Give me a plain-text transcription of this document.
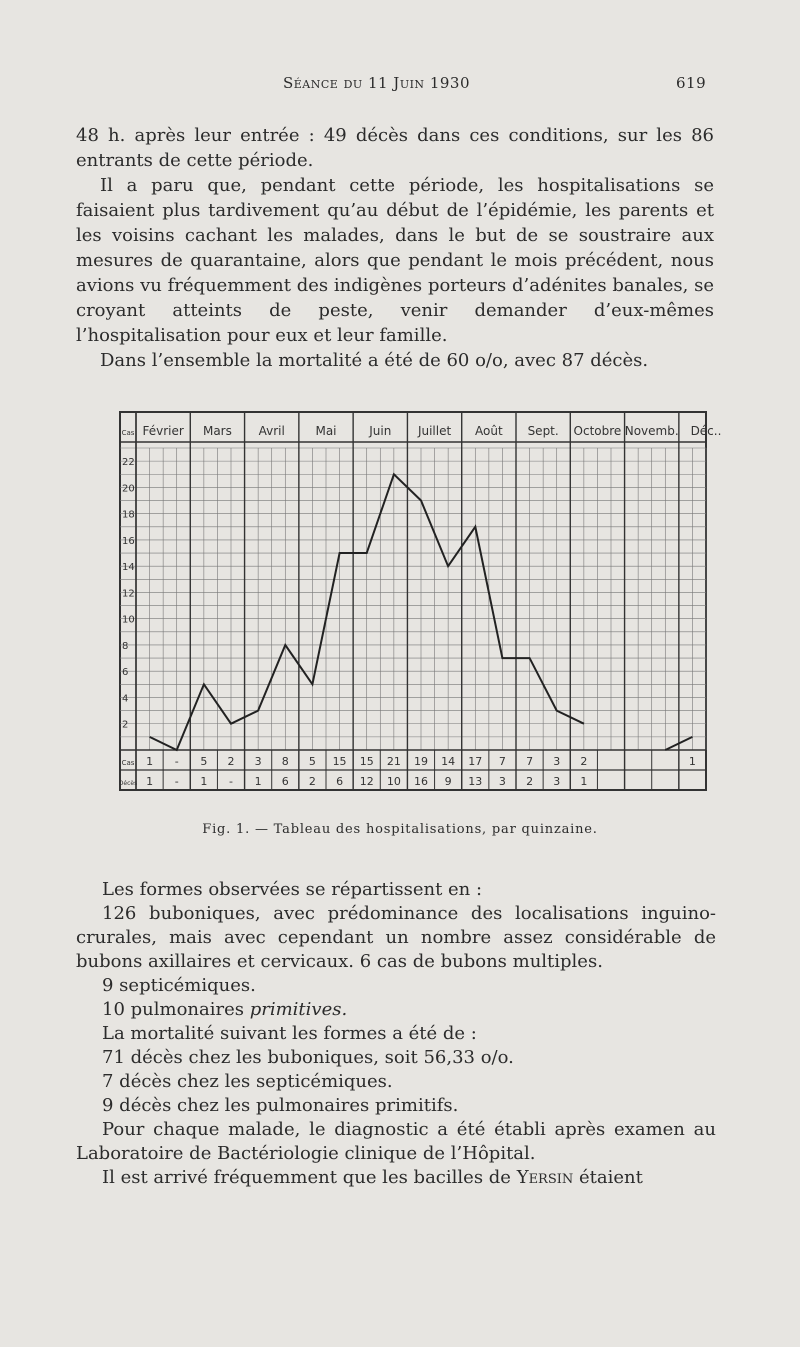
Séance du 11 Juin 1930	619

48 h. après leur entrée : 49 décès dans ces conditions, sur les 86 entrants de cette période.

Il a paru que, pendant cette période, les hospitalisations se faisaient plus tardivement qu’au début de l’épidémie, les parents et les voisins cachant les malades, dans le but de se soustraire aux mesures de quarantaine, alors que pendant le mois précédent, nous avions vu fréquemment des indigènes porteurs d’adénites banales, se croyant atteints de peste, venir demander d’eux-mêmes l’hospitalisation pour eux et leur famille.

Dans l’ensemble la mortalité a été de 60 o/o, avec 87 décès.

Février Mars Avril	Mai	Juin Juillet Août Sept. Octobre Novemb. Déc..
Cas
22
20
18
16
14
12
10
8
6
4
2
Cas
Décès
1 - 5 2 3 8 5 15 15 21 19 14 17 7 7 3 2	1
1 - 1 - 1 6 2 6 12 10 16 9 13 3 2 3 1
Fig. 1. — Tableau des hospitalisations, par quinzaine.

Les formes observées se répartissent en :

126 buboniques, avec prédominance des localisations inguino-crurales, mais avec cependant un nombre assez considérable de bubons axillaires et cervicaux. 6 cas de bubons multiples.

9 septicémiques.

10 pulmonaires primitives.

La mortalité suivant les formes a été de :

71 décès chez les buboniques, soit 56,33 o/o.

7 décès chez les septicémiques.

9 décès chez les pulmonaires primitifs.

Pour chaque malade, le diagnostic a été établi après examen au Laboratoire de Bactériologie clinique de l’Hôpital.

Il est arrivé fréquemment que les bacilles de Yersin étaient
